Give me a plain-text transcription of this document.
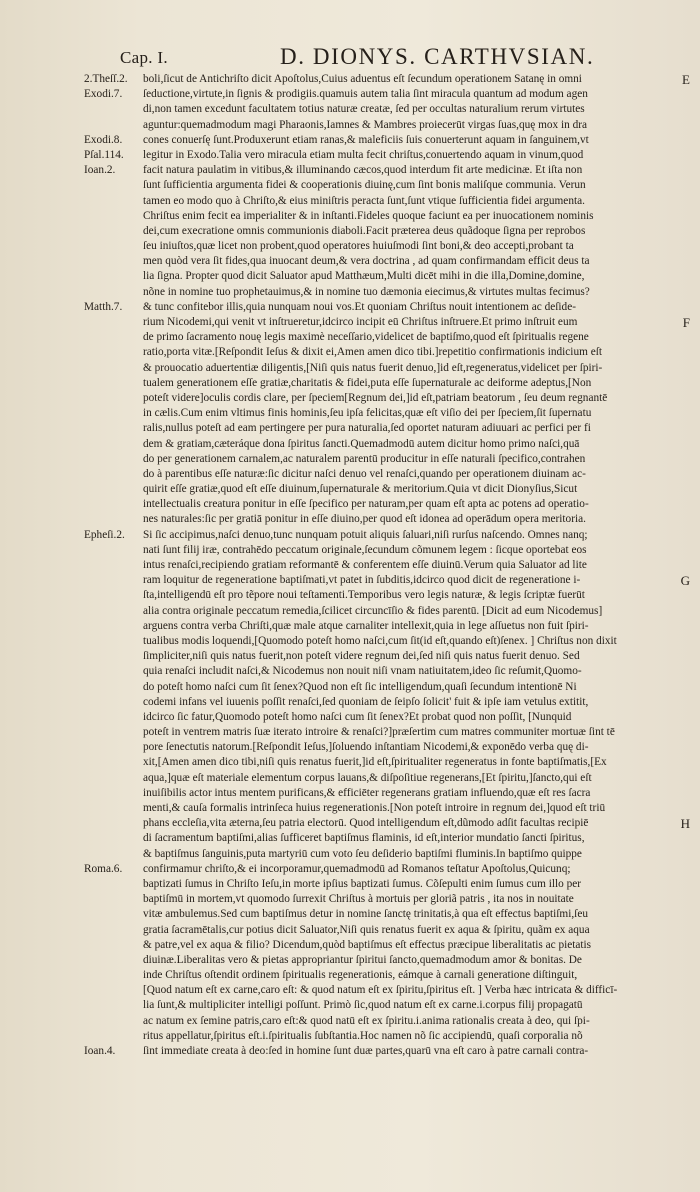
Cap. I.	D. DIONYS. CARTHVSIAN.
boli,ſicut de Antichriſto dicit Apoſtolus,Cuius aduentus eſt ſecundum operationem Satanę in omni
2.Theſſ.2.	E
ſeductione,virtute,in ſignis & prodigiis.quamuis autem talia ſint miracula quantum ad modum agen
Exodi.7.
di,non tamen excedunt facultatem totius naturæ creatæ, ſed per occultas naturalium rerum virtutes
aguntur:quemadmodum magi Pharaonis,Iamnes & Mambres proiecerūt virgas ſuas,quę mox in dra
cones conuerſę ſunt.Produxerunt etiam ranas,& maleficiis ſuis conuerterunt aquam in ſanguinem,vt
Exodi.8.
legitur in Exodo.Talia vero miracula etiam multa fecit chriſtus,conuertendo aquam in vinum,quod
Pſal.114.
facit natura paulatim in vitibus,& illuminando cæcos,quod interdum fit arte medicinæ. Et iſta non
Ioan.2.
ſunt ſufficientia argumenta fidei & cooperationis diuinę,cum ſint bonis maliſque communia. Verun
tamen eo modo quo à Chriſto,& eius miniſtris peracta ſunt,ſunt vtique ſufficientia fidei argumenta.
Chriſtus enim fecit ea imperialiter & in inſtanti.Fideles quoque faciunt ea per inuocationem nominis
dei,cum execratione omnis communionis diaboli.Facit præterea deus quãdoque ſigna per reprobos
ſeu iniuſtos,quæ licet non probent,quod operatores huiuſmodi ſint boni,& deo accepti,probant ta
men quòd vera ſit fides,qua inuocant deum,& vera doctrina , ad quam confirmandam efficit deus ta
lia ſigna. Propter quod dicit Saluator apud Matthæum,Multi dicēt mihi in die illa,Domine,domine,
nõne in nomine tuo prophetauimus,& in nomine tuo dæmonia eiecimus,& virtutes multas fecimus?
& tunc confitebor illis,quia nunquam noui vos.Et quoniam Chriſtus nouit intentionem ac deſide-
Matth.7.
rium Nicodemi,qui venit vt inſtrueretur,idcirco incipit eū Chriſtus inſtruere.Et primo inſtruit eum	F
de primo ſacramento nouę legis maximè neceſſario,videlicet de baptiſmo,quod eſt ſpiritualis regene
ratio,porta vitæ.[Reſpondit Ieſus & dixit ei,Amen amen dico tibi.]repetitio confirmationis indicium eſt
& prouocatio aduertentiæ diligentis,[Niſi quis natus fuerit denuo,]id eſt,regeneratus,videlicet per ſpiri-
tualem generationem eſſe gratiæ,charitatis & fidei,puta eſſe ſupernaturale ac deiforme adeptus,[Non
poteſt videre]oculis cordis clare, per ſpeciem[Regnum dei,]id eſt,patriam beatorum , ſeu deum regnantē
in cælis.Cum enim vltimus finis hominis,ſeu ipſa felicitas,quæ eſt viſio dei per ſpeciem,ſit ſupernatu
ralis,nullus poteſt ad eam pertingere per pura naturalia,ſed oportet naturam adiuuari ac perfici per fi
dem & gratiam,cæteráque dona ſpiritus ſancti.Quemadmodū autem dicitur homo primo naſci,quā
do per generationem carnalem,ac naturalem parentū producitur in eſſe naturali ſpecifico,contrahen
do à parentibus eſſe naturæ:ſic dicitur naſci denuo vel renaſci,quando per operationem diuinam ac-
quirit eſſe gratiæ,quod eſt eſſe diuinum,ſupernaturale & meritorium.Quia vt dicit Dionyſius,Sicut
intellectualis creatura ponitur in eſſe ſpecifico per naturam,per quam eſt apta ac potens ad operatio-
nes naturales:ſic per gratiā ponitur in eſſe diuino,per quod eſt idonea ad operādum opera meritoria.
Si ſic accipimus,naſci denuo,tunc nunquam potuit aliquis ſaluari,niſi rurſus naſcendo. Omnes nanq;
Epheſi.2.
nati ſunt filij iræ, contrahēdo peccatum originale,ſecundum cõmunem legem : ſicque oportebat eos
intus renaſci,recipiendo gratiam reformantē & conferentem eſſe diuinū.Verum quia Saluator ad lite
ram loquitur de regeneratione baptiſmati,vt patet in ſubditis,idcirco quod dicit de regeneratione i-	G
ſta,intelligendū eſt pro tẽpore noui teſtamenti.Temporibus vero legis naturæ, & legis ſcriptæ fuerūt
alia contra originale peccatum remedia,ſcilicet circuncīſio & fides parentū. [Dicit ad eum Nicodemus]
arguens contra verba Chriſti,quæ male atque carnaliter intellexit,quia in lege aſſuetus non fuit ſpiri-
tualibus modis loquendi,[Quomodo poteſt homo naſci,cum ſit(id eſt,quando eſt)ſenex. ] Chriſtus non dixit
ſimpliciter,niſi quis natus fuerit,non poteſt videre regnum dei,ſed niſi quis natus fuerit denuo. Sed
quia renaſci includit naſci,& Nicodemus non nouit niſi vnam natiuitatem,ideo ſic reſumit,Quomo-
do poteſt homo naſci cum ſit ſenex?Quod non eſt ſic intelligendum,quaſi ſecundum intentionē Ni
codemi infans vel iuuenis poſſit renaſci,ſed quoniam de ſeipſo ſolicit' fuit & ipſe iam vetulus extitit,
idcirco ſic fatur,Quomodo poteſt homo naſci cum ſit ſenex?Et probat quod non poſſit, [Nunquid
poteſt in ventrem matris ſuæ iterato introire & renaſci?]præſertim cum matres communiter mortuæ ſint tē
pore ſenectutis natorum.[Reſpondit Ieſus,]ſoluendo inſtantiam Nicodemi,& exponēdo verba quę di-
xit,[Amen amen dico tibi,niſi quis renatus fuerit,]id eſt,ſpiritualiter regeneratus in fonte baptiſmatis,[Ex
aqua,]quæ eſt materiale elementum corpus lauans,& diſpoſitiue regenerans,[Et ſpiritu,]ſancto,qui eſt
inuiſibilis actor intus mentem purificans,& efficiēter regenerans gratiam influendo,quæ eſt res ſacra
menti,& cauſa formalis intrinſeca huius regenerationis.[Non poteſt introire in regnum dei,]quod eſt triū
phans eccleſia,vita æterna,ſeu patria electorū. Quod intelligendum eſt,dũmodo adſit facultas recipiē	H
di ſacramentum baptiſmi,alias ſufficeret baptiſmus flaminis, id eſt,interior mundatio ſancti ſpiritus,
& baptiſmus ſanguinis,puta martyriū cum voto ſeu deſiderio baptiſmi fluminis.In baptiſmo quippe
confirmamur chriſto,& ei incorporamur,quemadmodū ad Romanos teſtatur Apoſtolus,Quicunq;
Roma.6.
baptizati ſumus in Chriſto Ieſu,in morte ipſius baptizati ſumus. Cõſepulti enim ſumus cum illo per
baptiſmū in mortem,vt quomodo ſurrexit Chriſtus à mortuis per gloriã patris , ita nos in nouitate
vitæ ambulemus.Sed cum baptiſmus detur in nomine ſanctę trinitatis,à qua eſt effectus baptiſmi,ſeu
gratia ſacramētalis,cur potius dicit Saluator,Niſi quis renatus fuerit ex aqua & ſpiritu, quãm ex aqua
& patre,vel ex aqua & filio? Dicendum,quòd baptiſmus eſt effectus præcipue liberalitatis ac pietatis
diuinæ.Liberalitas vero & pietas appropriantur ſpiritui ſancto,quemadmodum amor & bonitas. De
inde Chriſtus oſtendit ordinem ſpiritualis regenerationis, eámque à carnali generatione diſtinguit,
[Quod natum eſt ex carne,caro eſt: & quod natum eſt ex ſpiritu,ſpiritus eſt. ] Verba hæc intricata & difficī-
lia ſunt,& multipliciter intelligi poſſunt. Primò ſic,quod natum eſt ex carne.i.corpus filij propagatū
ac natum ex ſemine patris,caro eſt:& quod natū eſt ex ſpiritu.i.anima rationalis creata à deo, qui ſpi-
ritus appellatur,ſpiritus eſt.i.ſpiritualis ſubſtantia.Hoc namen nõ ſic accipiendū, quaſi corporalia nõ
ſint immediate creata à deo:ſed in homine ſunt duæ partes,quarū vna eſt caro à patre carnali contra-
Ioan.4.
